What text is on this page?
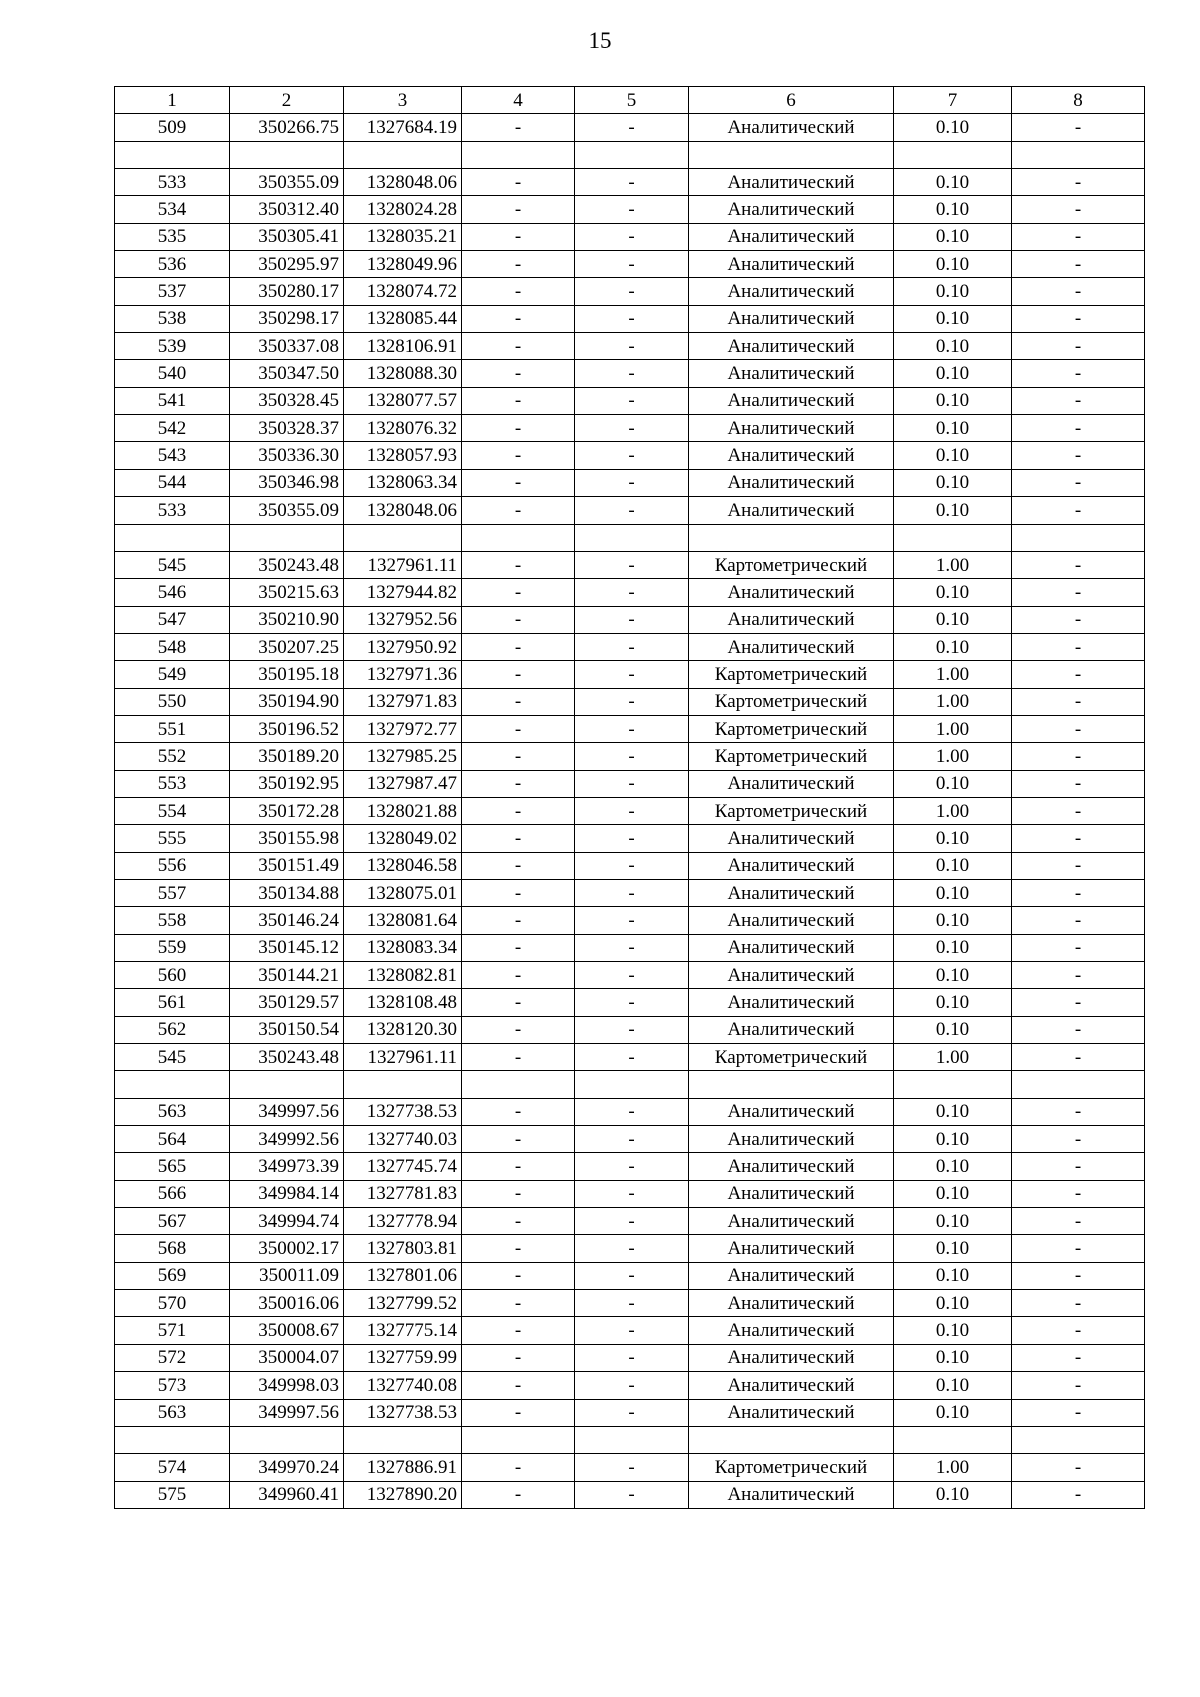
15
1	2	3	4	5	6	7	8
509	350266.75	1327684.19	-	-	Аналитический	0.10	-

533	350355.09	1328048.06	-	-	Аналитический	0.10	-
534	350312.40	1328024.28	-	-	Аналитический	0.10	-
535	350305.41	1328035.21	-	-	Аналитический	0.10	-
536	350295.97	1328049.96	-	-	Аналитический	0.10	-
537	350280.17	1328074.72	-	-	Аналитический	0.10	-
538	350298.17	1328085.44	-	-	Аналитический	0.10	-
539	350337.08	1328106.91	-	-	Аналитический	0.10	-
540	350347.50	1328088.30	-	-	Аналитический	0.10	-
541	350328.45	1328077.57	-	-	Аналитический	0.10	-
542	350328.37	1328076.32	-	-	Аналитический	0.10	-
543	350336.30	1328057.93	-	-	Аналитический	0.10	-
544	350346.98	1328063.34	-	-	Аналитический	0.10	-
533	350355.09	1328048.06	-	-	Аналитический	0.10	-

545	350243.48	1327961.11	-	-	Картометрический	1.00	-
546	350215.63	1327944.82	-	-	Аналитический	0.10	-
547	350210.90	1327952.56	-	-	Аналитический	0.10	-
548	350207.25	1327950.92	-	-	Аналитический	0.10	-
549	350195.18	1327971.36	-	-	Картометрический	1.00	-
550	350194.90	1327971.83	-	-	Картометрический	1.00	-
551	350196.52	1327972.77	-	-	Картометрический	1.00	-
552	350189.20	1327985.25	-	-	Картометрический	1.00	-
553	350192.95	1327987.47	-	-	Аналитический	0.10	-
554	350172.28	1328021.88	-	-	Картометрический	1.00	-
555	350155.98	1328049.02	-	-	Аналитический	0.10	-
556	350151.49	1328046.58	-	-	Аналитический	0.10	-
557	350134.88	1328075.01	-	-	Аналитический	0.10	-
558	350146.24	1328081.64	-	-	Аналитический	0.10	-
559	350145.12	1328083.34	-	-	Аналитический	0.10	-
560	350144.21	1328082.81	-	-	Аналитический	0.10	-
561	350129.57	1328108.48	-	-	Аналитический	0.10	-
562	350150.54	1328120.30	-	-	Аналитический	0.10	-
545	350243.48	1327961.11	-	-	Картометрический	1.00	-

563	349997.56	1327738.53	-	-	Аналитический	0.10	-
564	349992.56	1327740.03	-	-	Аналитический	0.10	-
565	349973.39	1327745.74	-	-	Аналитический	0.10	-
566	349984.14	1327781.83	-	-	Аналитический	0.10	-
567	349994.74	1327778.94	-	-	Аналитический	0.10	-
568	350002.17	1327803.81	-	-	Аналитический	0.10	-
569	350011.09	1327801.06	-	-	Аналитический	0.10	-
570	350016.06	1327799.52	-	-	Аналитический	0.10	-
571	350008.67	1327775.14	-	-	Аналитический	0.10	-
572	350004.07	1327759.99	-	-	Аналитический	0.10	-
573	349998.03	1327740.08	-	-	Аналитический	0.10	-
563	349997.56	1327738.53	-	-	Аналитический	0.10	-

574	349970.24	1327886.91	-	-	Картометрический	1.00	-
575	349960.41	1327890.20	-	-	Аналитический	0.10	-
